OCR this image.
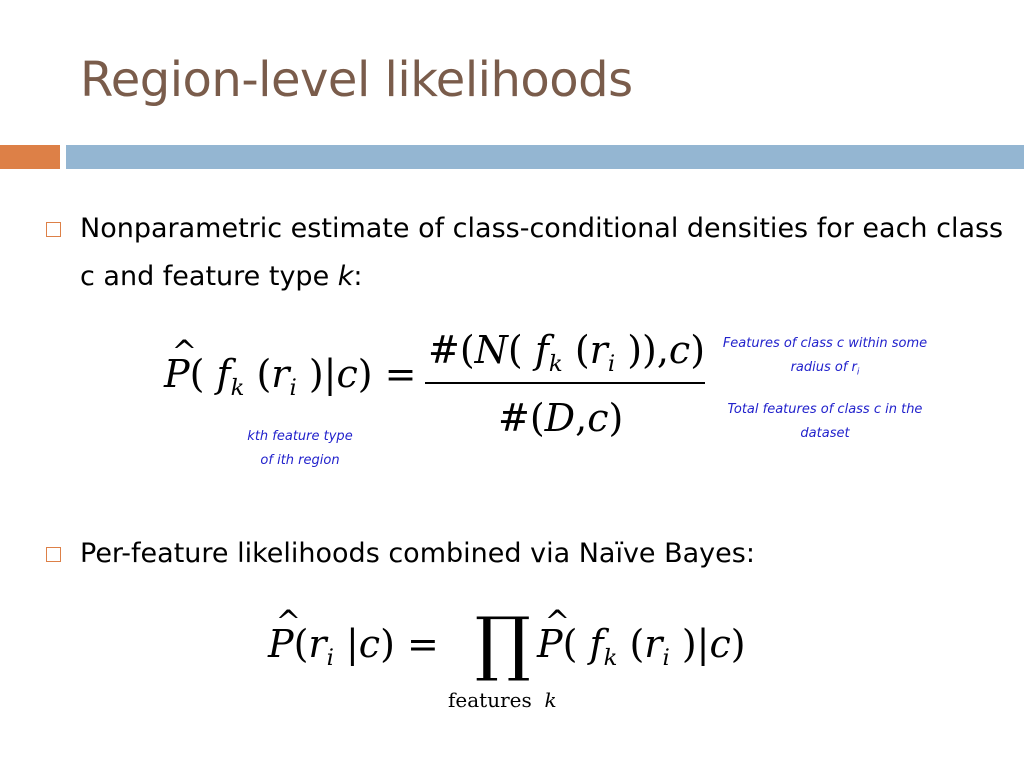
Region-level likelihoods
Nonparametric estimate of class-conditional densities for each class c and feature type k:
^ P( $f_k$ ($r_i$ )|c) =
#(N( $f_k$ ($r_i$ )),c)
#(D,c)
Features of class c within some radius of $r_i$
Total features of class c in the dataset
kth feature type
of ith region
Per-feature likelihoods combined via Naïve Bayes:
^ $P(r_i$ |c) = ∏
^ P( $f_k$ ($r_i$ )|c)
features k
